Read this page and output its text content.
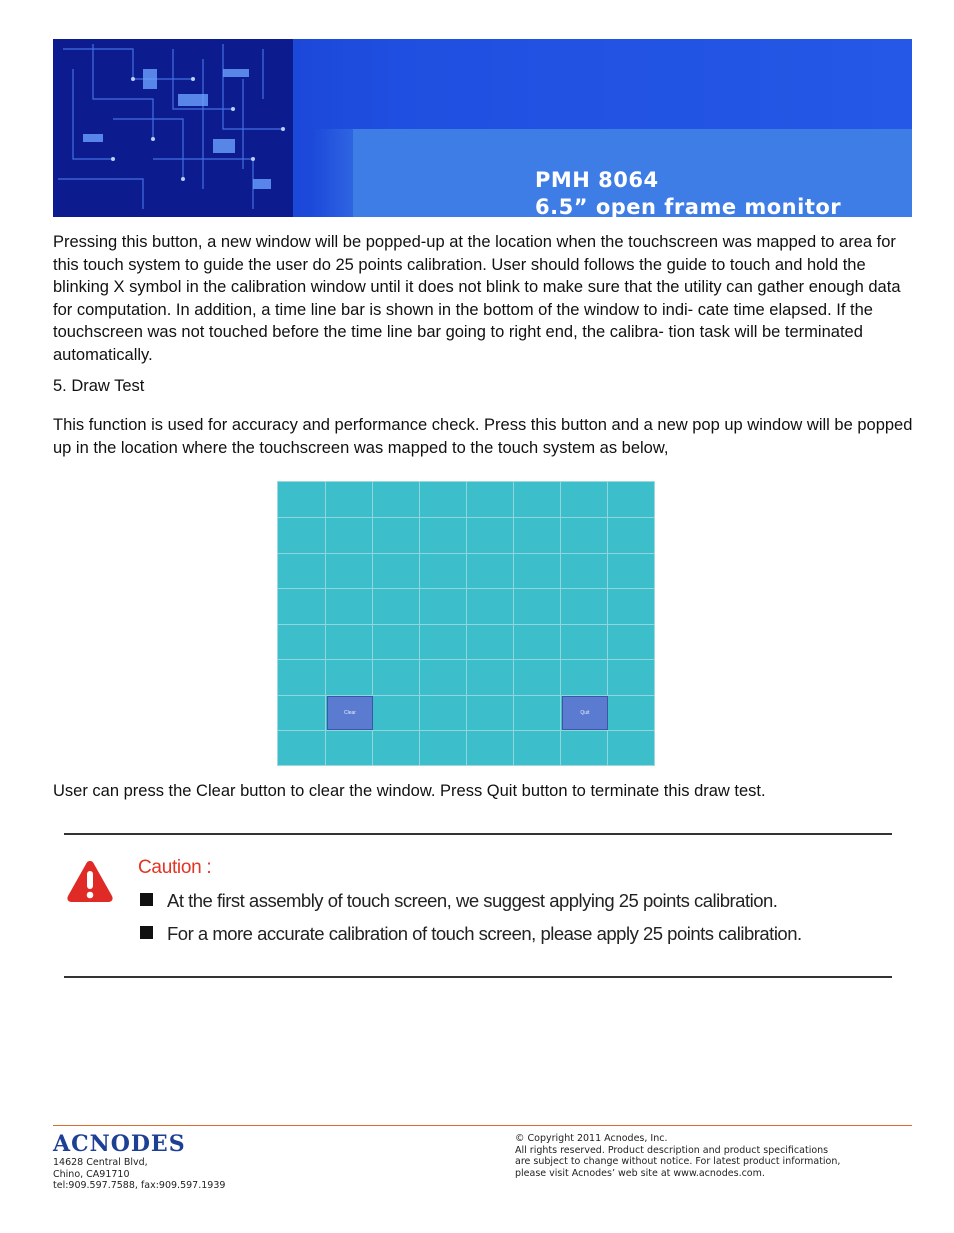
PMH 8064
6.5” open frame monitor
Pressing this button, a new window will be popped-up at the location when the touchscreen was mapped to area for this touch system to guide the user do 25 points calibration. User should follows the guide to touch and hold the blinking X symbol in the calibration window until it does not blink to make sure that the utility can gather enough data for computation. In addition, a time line bar is shown in the bottom of the window to indi- cate time elapsed. If the touchscreen was not touched before the time line bar going to right end, the calibra- tion task will be terminated automatically.
5. Draw Test
This function is used for accuracy and performance check. Press this button and a new pop up window will be popped up in the location where the touchscreen was mapped to the touch system as below,
Clear	Quit
User can press the Clear button to clear the window. Press Quit button to terminate this draw test.
Caution :
At the first assembly of touch screen, we suggest applying 25 points calibration.
For a more accurate calibration of touch screen, please apply 25 points calibration.
ACNODES
14628 Central Blvd,
Chino, CA91710
tel:909.597.7588, fax:909.597.1939
© Copyright 2011 Acnodes, Inc.
All rights reserved. Product description and product specifications
are subject to change without notice. For latest product information,
please visit Acnodes’ web site at www.acnodes.com.
